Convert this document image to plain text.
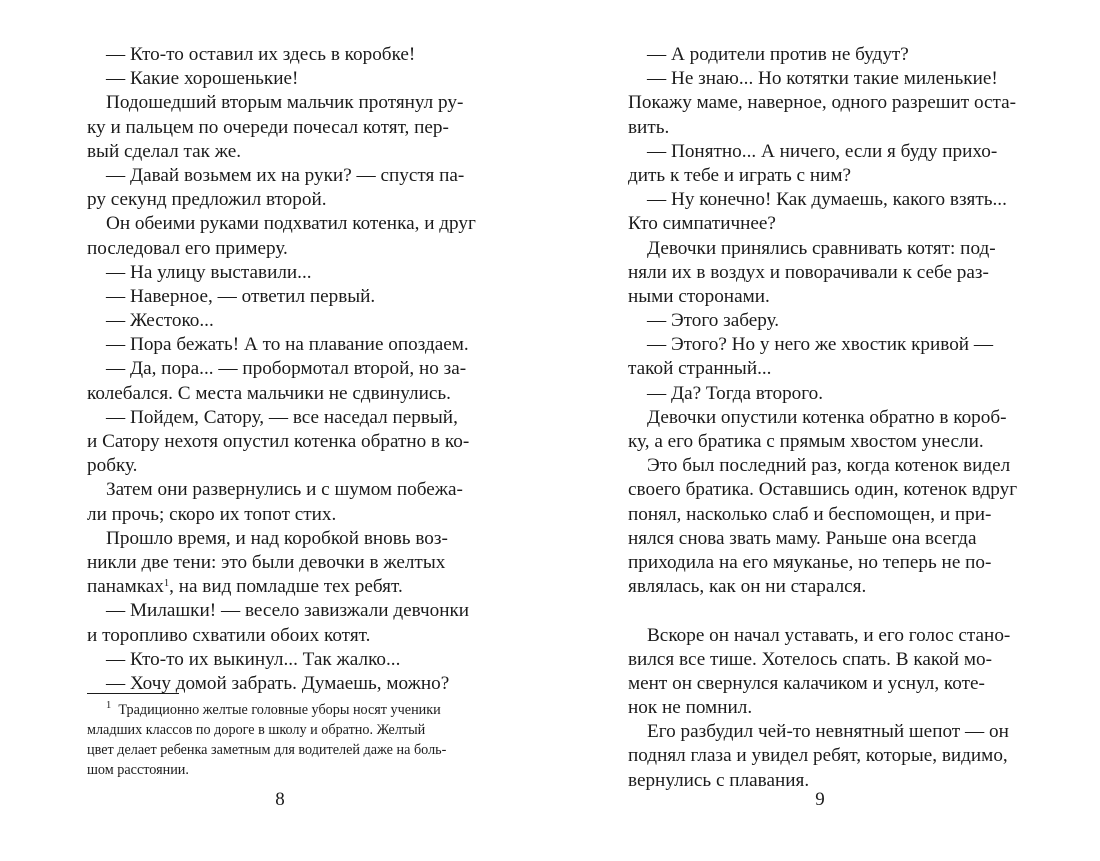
— Кто-то оставил их здесь в коробке!
— Какие хорошенькие!
Подошедший вторым мальчик протянул ру-
ку и пальцем по очереди почесал котят, пер-
вый сделал так же.
— Давай возьмем их на руки? — спустя па-
ру секунд предложил второй.
Он обеими руками подхватил котенка, и друг
последовал его примеру.
— На улицу выставили...
— Наверное, — ответил первый.
— Жестоко...
— Пора бежать! А то на плавание опоздаем.
— Да, пора... — пробормотал второй, но за-
колебался. С места мальчики не сдвинулись.
— Пойдем, Сатору, — все наседал первый,
и Сатору нехотя опустил котенка обратно в ко-
робку.
Затем они развернулись и с шумом побежа-
ли прочь; скоро их топот стих.
Прошло время, и над коробкой вновь воз-
никли две тени: это были девочки в желтых
панамках$^1$, на вид помладше тех ребят.
— Милашки! — весело завизжали девчонки
и торопливо схватили обоих котят.
— Кто-то их выкинул... Так жалко...
— Хочу домой забрать. Думаешь, можно?
$^1$  Традиционно желтые головные уборы носят ученики
младших классов по дороге в школу и обратно. Желтый
цвет делает ребенка заметным для водителей даже на боль-
шом расстоянии.
8
— А родители против не будут?
— Не знаю... Но котятки такие миленькие!
Покажу маме, наверное, одного разрешит оста-
вить.
— Понятно... А ничего, если я буду прихо-
дить к тебе и играть с ним?
— Ну конечно! Как думаешь, какого взять...
Кто симпатичнее?
Девочки принялись сравнивать котят: под-
няли их в воздух и поворачивали к себе раз-
ными сторонами.
— Этого заберу.
— Этого? Но у него же хвостик кривой —
такой странный...
— Да? Тогда второго.
Девочки опустили котенка обратно в короб-
ку, а его братика с прямым хвостом унесли.
Это был последний раз, когда котенок видел
своего братика. Оставшись один, котенок вдруг
понял, насколько слаб и беспомощен, и при-
нялся снова звать маму. Раньше она всегда
приходила на его мяуканье, но теперь не по-
являлась, как он ни старался.
Вскоре он начал уставать, и его голос стано-
вился все тише. Хотелось спать. В какой мо-
мент он свернулся калачиком и уснул, котe-
нок не помнил.
Его разбудил чей-то невнятный шепот — он
поднял глаза и увидел ребят, которые, видимо,
вернулись с плавания.
9
